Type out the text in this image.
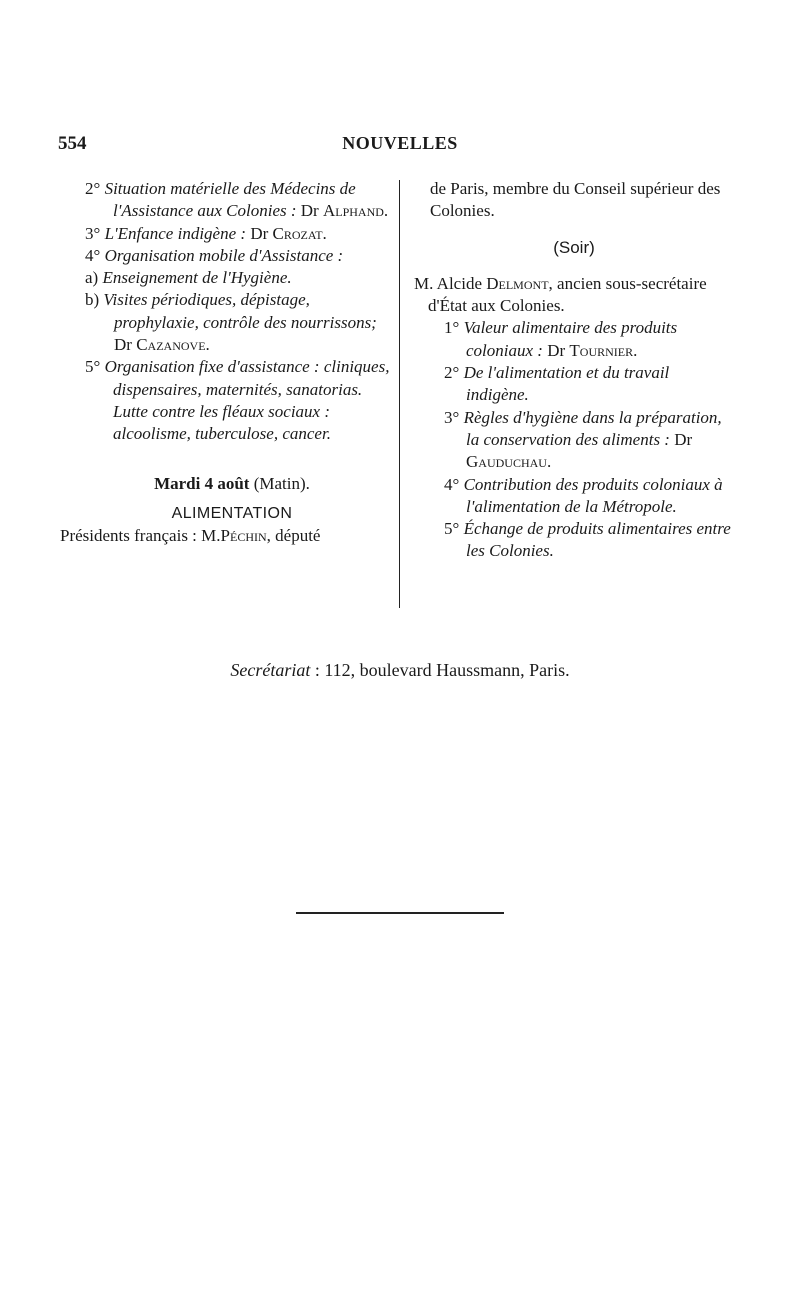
554	NOUVELLES
2° Situation matérielle des Médecins de l'Assistance aux Colonies : Dr Alphand.
3° L'Enfance indigène : Dr Crozat.
4° Organisation mobile d'Assistance :
a) Enseignement de l'Hygiène.
b) Visites périodiques, dépistage, prophylaxie, contrôle des nourrissons; Dr Cazanove.
5° Organisation fixe d'assistance : cliniques, dispensaires, maternités, sanatorias. Lutte contre les fléaux sociaux : alcoolisme, tuberculose, cancer.
Mardi 4 août (Matin).
ALIMENTATION
Présidents français : M.Péchin, député
de Paris, membre du Conseil supérieur des Colonies.
(Soir)
M. Alcide Delmont, ancien sous-secrétaire d'État aux Colonies.
1° Valeur alimentaire des produits coloniaux : Dr Tournier.
2° De l'alimentation et du travail indigène.
3° Règles d'hygiène dans la préparation, la conservation des aliments : Dr Gauduchau.
4° Contribution des produits coloniaux à l'alimentation de la Métropole.
5° Échange de produits alimentaires entre les Colonies.
Secrétariat : 112, boulevard Haussmann, Paris.
